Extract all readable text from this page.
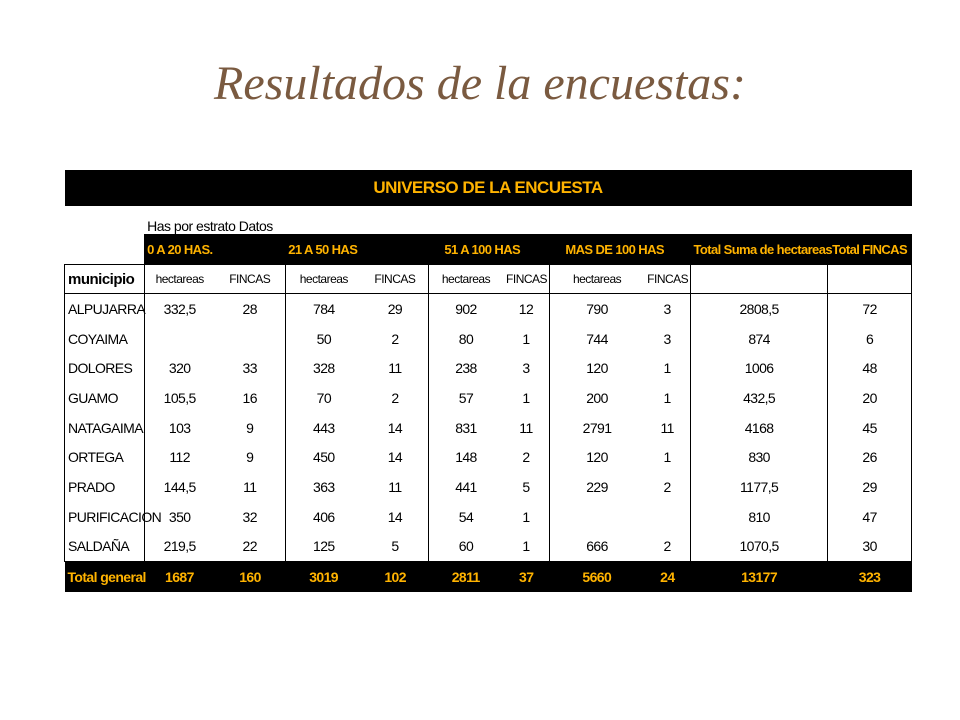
Resultados de la encuestas:
UNIVERSO DE LA ENCUESTA										
	Has por estrato	Datos								
	0 A 20 HAS.		21 A 50 HAS		51 A 100 HAS		MAS DE 100 HAS		Total Suma de hectareas	Total FINCAS
municipio	hectareas	FINCAS	hectareas	FINCAS	hectareas	FINCAS	hectareas	FINCAS		
ALPUJARRA	332,5	28	784	29	902	12	790	3	2808,5	72
COYAIMA			50	2	80	1	744	3	874	6
DOLORES	320	33	328	11	238	3	120	1	1006	48
GUAMO	105,5	16	70	2	57	1	200	1	432,5	20
NATAGAIMA	103	9	443	14	831	11	2791	11	4168	45
ORTEGA	112	9	450	14	148	2	120	1	830	26
PRADO	144,5	11	363	11	441	5	229	2	1177,5	29
PURIFICACION	350	32	406	14	54	1			810	47
SALDAÑA	219,5	22	125	5	60	1	666	2	1070,5	30
Total general	1687	160	3019	102	2811	37	5660	24	13177	323
